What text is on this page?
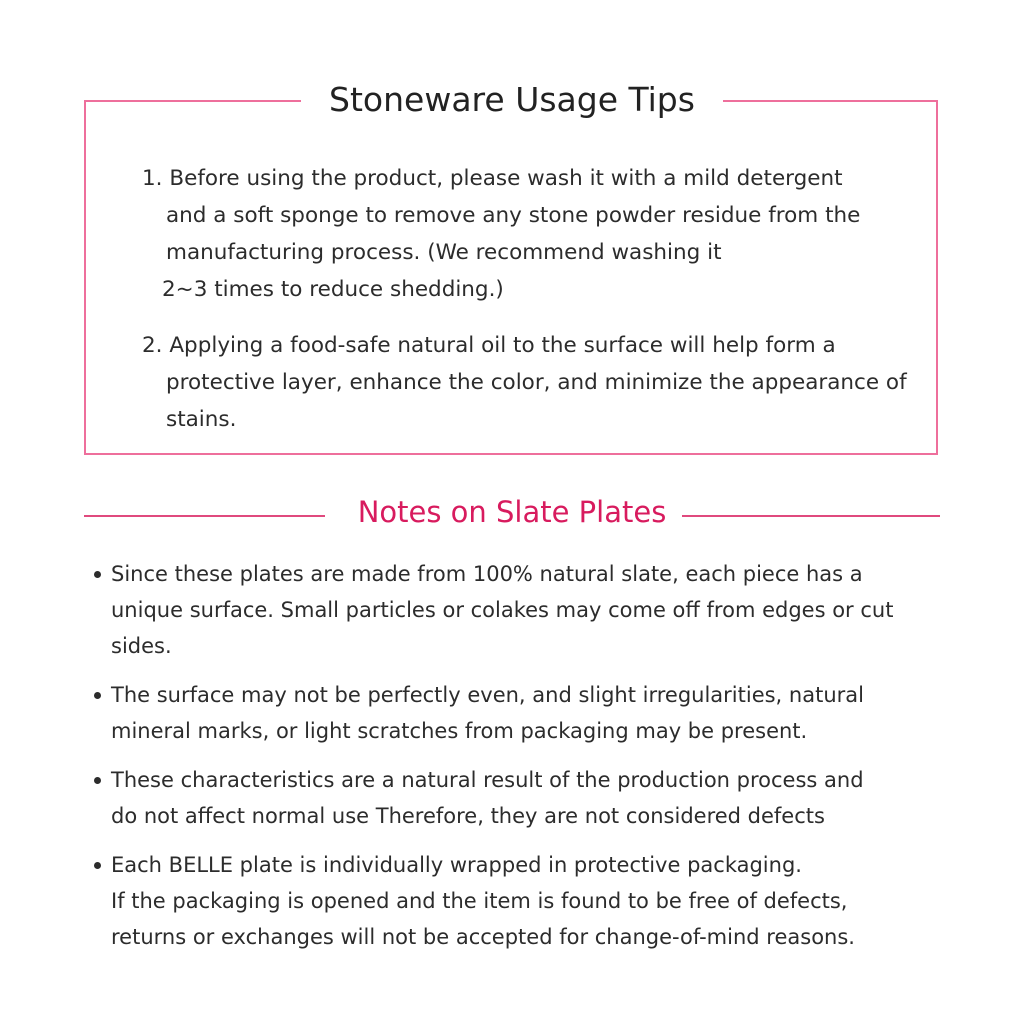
Stoneware Usage Tips
1. Before using the product, please wash it with a mild detergent
and a soft sponge to remove any stone powder residue from the
manufacturing process. (We recommend washing it
2~3 times to reduce shedding.)
2. Applying a food-safe natural oil to the surface will help form a
protective layer, enhance the color, and minimize the appearance of
stains.
Notes on Slate Plates
Since these plates are made from 100% natural slate, each piece has a
unique surface. Small particles or colakes may come off from edges or cut
sides.
The surface may not be perfectly even, and slight irregularities, natural
mineral marks, or light scratches from packaging may be present.
These characteristics are a natural result of the production process and
do not affect normal use Therefore, they are not considered defects
Each BELLE plate is individually wrapped in protective packaging.
If the packaging is opened and the item is found to be free of defects,
returns or exchanges will not be accepted for change-of-mind reasons.
